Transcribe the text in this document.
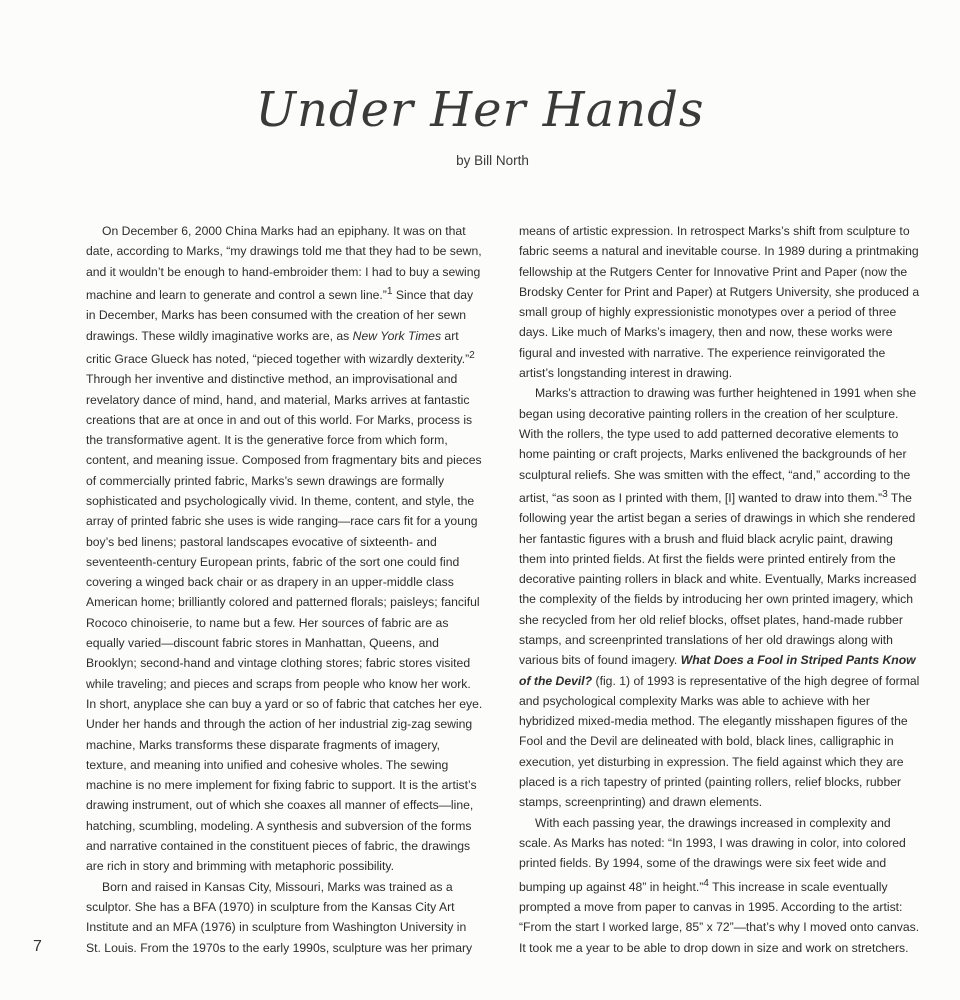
Under Her Hands
by Bill North

On December 6, 2000 China Marks had an epiphany. It was on that date, according to Marks, “my drawings told me that they had to be sewn, and it wouldn’t be enough to hand-embroider them: I had to buy a sewing machine and learn to generate and control a sewn line.”$^1$ Since that day in December, Marks has been consumed with the creation of her sewn drawings. These wildly imaginative works are, as New York Times art critic Grace Glueck has noted, “pieced together with wizardly dexterity.”$^2$ Through her inventive and distinctive method, an improvisational and revelatory dance of mind, hand, and material, Marks arrives at fantastic creations that are at once in and out of this world. For Marks, process is the transformative agent. It is the generative force from which form, content, and meaning issue. Composed from fragmentary bits and pieces of commercially printed fabric, Marks’s sewn drawings are formally sophisticated and psychologically vivid. In theme, content, and style, the array of printed fabric she uses is wide ranging—race cars fit for a young boy’s bed linens; pastoral landscapes evocative of sixteenth- and seventeenth-century European prints, fabric of the sort one could find covering a winged back chair or as drapery in an upper-middle class American home; brilliantly colored and patterned florals; paisleys; fanciful Rococo chinoiserie, to name but a few. Her sources of fabric are as equally varied—discount fabric stores in Manhattan, Queens, and Brooklyn; second-hand and vintage clothing stores; fabric stores visited while traveling; and pieces and scraps from people who know her work. In short, anyplace she can buy a yard or so of fabric that catches her eye. Under her hands and through the action of her industrial zig-zag sewing machine, Marks transforms these disparate fragments of imagery, texture, and meaning into unified and cohesive wholes. The sewing machine is no mere implement for fixing fabric to support. It is the artist’s drawing instrument, out of which she coaxes all manner of effects—line, hatching, scumbling, modeling. A synthesis and subversion of the forms and narrative contained in the constituent pieces of fabric, the drawings are rich in story and brimming with metaphoric possibility.

Born and raised in Kansas City, Missouri, Marks was trained as a sculptor. She has a BFA (1970) in sculpture from the Kansas City Art Institute and an MFA (1976) in sculpture from Washington University in St. Louis. From the 1970s to the early 1990s, sculpture was her primary

means of artistic expression. In retrospect Marks’s shift from sculpture to fabric seems a natural and inevitable course. In 1989 during a printmaking fellowship at the Rutgers Center for Innovative Print and Paper (now the Brodsky Center for Print and Paper) at Rutgers University, she produced a small group of highly expressionistic monotypes over a period of three days. Like much of Marks’s imagery, then and now, these works were figural and invested with narrative. The experience reinvigorated the artist’s longstanding interest in drawing.

Marks’s attraction to drawing was further heightened in 1991 when she began using decorative painting rollers in the creation of her sculpture. With the rollers, the type used to add patterned decorative elements to home painting or craft projects, Marks enlivened the backgrounds of her sculptural reliefs. She was smitten with the effect, “and,” according to the artist, “as soon as I printed with them, [I] wanted to draw into them.”$^3$ The following year the artist began a series of drawings in which she rendered her fantastic figures with a brush and fluid black acrylic paint, drawing them into printed fields. At first the fields were printed entirely from the decorative painting rollers in black and white. Eventually, Marks increased the complexity of the fields by introducing her own printed imagery, which she recycled from her old relief blocks, offset plates, hand-made rubber stamps, and screenprinted translations of her old drawings along with various bits of found imagery. What Does a Fool in Striped Pants Know of the Devil? (fig. 1) of 1993 is representative of the high degree of formal and psychological complexity Marks was able to achieve with her hybridized mixed-media method. The elegantly misshapen figures of the Fool and the Devil are delineated with bold, black lines, calligraphic in execution, yet disturbing in expression. The field against which they are placed is a rich tapestry of printed (painting rollers, relief blocks, rubber stamps, screenprinting) and drawn elements.

With each passing year, the drawings increased in complexity and scale. As Marks has noted: “In 1993, I was drawing in color, into colored printed fields. By 1994, some of the drawings were six feet wide and bumping up against 48” in height.”$^4$ This increase in scale eventually prompted a move from paper to canvas in 1995. According to the artist: “From the start I worked large, 85” x 72”—that’s why I moved onto canvas. It took me a year to be able to drop down in size and work on stretchers.

7
